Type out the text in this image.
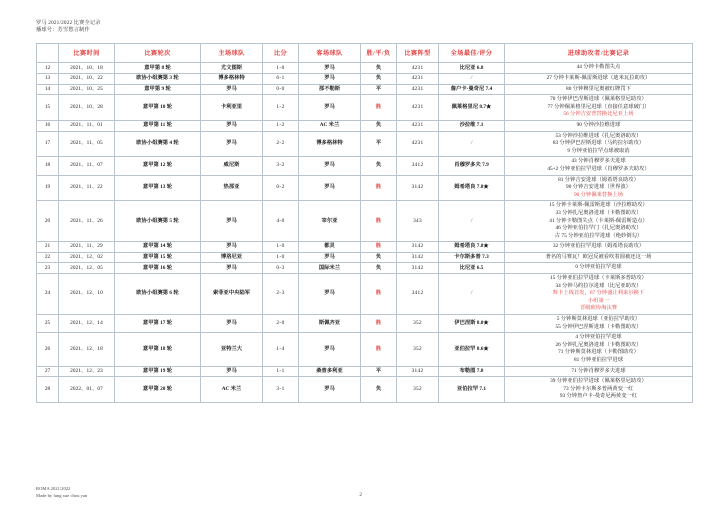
罗马 2021/2022 比赛全记录
播球号：芳雪愁言制作
	比赛时间	比赛轮次	主场球队	比分	客场球队	胜/平/负	比赛阵型	全场最佳/评分	进球助攻者/比赛记录
12	2021、10、18	意甲第 8 轮	尤文图斯	1-0	罗马	负	4231	比尼亚 6.8	44 分钟卡勒图失点

13	2021、10、22	欧协小组赛第 3 轮	博多格林特	6-1	罗马	负	4231	/	27 分钟卡莱斯-佩雷斯进球（迪米瓦拉助攻）

14	2021、10、25	意甲第 9 轮	罗马	0-0	那不勒斯	平	4231	詹户卡-曼奇尼 7.4	80 分钟穆里尼奥被红牌罚下

15	2021、10、28	意甲第 10 轮	卡利亚里	1-2	罗马	胜	4231	佩莱格里尼 8.7★	70 分钟伊巴涅斯进球（佩莱格里尼助攻）
77 分钟佩莱格里尼进球（直接任意球破门）
56 分钟吉安普替换比尼亚上场

16	2021、11、01	意甲第 11 轮	罗马	1-2	AC 米兰	负	4231	沙拉维 7.1	90 分钟沙拉维进球

17	2021、11、05	欧协小组赛第 4 轮	罗马	2-2	博多格林特	平	4231	/	53 分钟沙拉维进球（扎尼奥洛助攻）
83 分钟伊巴涅斯进球（马约拉尔助攻）
9 分钟亚伯拉罕点球被取消

18	2021、11、07	意甲第 12 轮	威尼斯	3-2	罗马	负	3412	肖穆罗多夫 7.9	43 分钟肖穆罗多夫进球
45+2 分钟亚伯拉罕进球（肖穆罗多夫助攻）

19	2021、11、22	意甲第 13 轮	热那亚	0-2	罗马	胜	3142	姆希塔良 7.8★	81 分钟吉安进球（姆希塔良助攻）
90 分钟吉安进球（世界波）
90 分钟佩莱替换上场

20	2021、11、26	欧协小组赛第 5 轮	罗马	4-0	宰尔亚	胜	343	/	15 分钟卡莱斯-佩雷斯进球（沙拉维助攻）
33 分钟扎尼奥洛进球（卡勒图助攻）
41 分钟卡勒图失点（卡莱斯-佩雷斯造点）
46 分钟亚伯拉罕门（扎尼奥洛助攻）
古 75 分钟亚伯拉罕进球（绝妙倒勾）

21	2021、11、29	意甲第 14 轮	罗马	1-0	都灵	胜	3142	姆希塔良 7.8★	32 分钟亚伯拉罕进球（姆希塔良助攻）

22	2021、12、02	意甲第 15 轮	博洛尼亚	1-0	罗马	负	3142	卡尔斯多普 7.3	著名的马赛瓦！欧冠反被看吹着圆被还这一场

23	2021、12、05	意甲第 16 轮	罗马	0-3	国际米兰	负	3142	比尼亚 6.5	0 分钟亚伯拉罕进球

24	2021、12、10	欧协小组赛第 6 轮	索菲亚中央陆军	2-3	罗马	胜	3412	/	15 分钟亚伯拉罕进球（卡莱斯多普助攻）
34 分钟马约拉尔进球（比尼亚助攻）
辉卡上线首发，67 分钟盛让利来尔换下
小组第一
晋级欧协淘汰赛

25	2021、12、14	意甲第 17 轮	罗马	2-0	斯佩齐亚	胜	352	伊巴涅斯 8.0★	5 分钟斯莫林进球（亚伯拉罕助攻）
55 分钟伊巴涅斯进球（卡勒图助攻）

26	2021、12、18	意甲第 18 轮	亚特兰大	1-4	罗马	胜	352	亚伯拉罕 8.6★	4 分钟亚伯拉罕进球
26 分钟扎尼奥洛进球（卡勒图助攻）
71 分钟斯莫林进球（卡勒图助攻）
81 分钟亚伯拉罕进球

27	2021、12、23	意甲第 19 轮	罗马	1-1	桑普多利亚	平	3142	布勒图 7.0	71 分钟肖穆罗多夫进球

28	2022、01、07	意甲第 20 轮	AC 米兰	3-1	罗马	负	352	亚伯拉罕 7.1	39 分钟亚伯拉罕进球（佩莱格里尼助攻）
73 分钟卡尔斯多普两黄变一红
93 分钟詹卢卡-曼奇尼两黄变一红
ROMA 2021/2022
Made by fang xue chou yan	2
